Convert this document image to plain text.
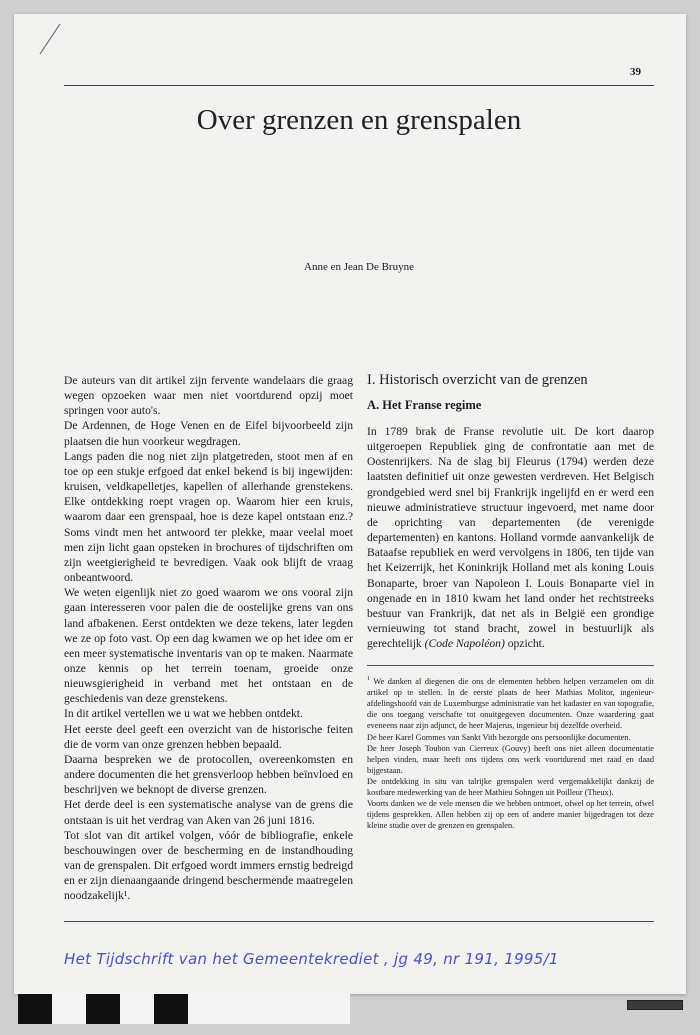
39
Over grenzen en grenspalen
Anne en Jean De Bruyne

De auteurs van dit artikel zijn fervente wandelaars die graag wegen opzoeken waar men niet voortdurend opzij moet springen voor auto's.

De Ardennen, de Hoge Venen en de Eifel bijvoorbeeld zijn plaatsen die hun voorkeur wegdragen.

Langs paden die nog niet zijn platgetreden, stoot men af en toe op een stukje erfgoed dat enkel bekend is bij ingewijden: kruisen, veldkapelletjes, kapellen of allerhande grenstekens. Elke ontdekking roept vragen op. Waarom hier een kruis, waarom daar een grenspaal, hoe is deze kapel ontstaan enz.? Soms vindt men het antwoord ter plekke, maar veelal moet men zijn licht gaan opsteken in brochures of tijdschriften om zijn weetgierigheid te bevredigen. Vaak ook blijft de vraag onbeantwoord.

We weten eigenlijk niet zo goed waarom we ons vooral zijn gaan interesseren voor palen die de oostelijke grens van ons land afbakenen. Eerst ontdekten we deze tekens, later legden we ze op foto vast. Op een dag kwamen we op het idee om er een meer systematische inventaris van op te maken. Naarmate onze kennis op het terrein toenam, groeide onze nieuwsgierigheid in verband met het ontstaan en de geschiedenis van deze grenstekens.

In dit artikel vertellen we u wat we hebben ontdekt.

Het eerste deel geeft een overzicht van de historische feiten die de vorm van onze grenzen hebben bepaald.

Daarna bespreken we de protocollen, overeenkomsten en andere documenten die het grensverloop hebben beïnvloed en beschrijven we beknopt de diverse grenzen.

Het derde deel is een systematische analyse van de grens die ontstaan is uit het verdrag van Aken van 26 juni 1816.

Tot slot van dit artikel volgen, vóór de bibliografie, enkele beschouwingen over de bescherming en de instandhouding van de grenspalen. Dit erfgoed wordt immers ernstig bedreigd en er zijn dienaangaande dringend beschermende maatregelen noodzakelijk¹.

I. Historisch overzicht van de grenzen
A. Het Franse regime

In 1789 brak de Franse revolutie uit. De kort daarop uitgeroepen Republiek ging de confrontatie aan met de Oostenrijkers. Na de slag bij Fleurus (1794) werden deze laatsten definitief uit onze gewesten verdreven. Het Belgisch grondgebied werd snel bij Frankrijk ingelijfd en er werd een nieuwe administratieve structuur ingevoerd, met name door de oprichting van departementen (de verenigde departementen) en kantons. Holland vormde aanvankelijk de Bataafse republiek en werd vervolgens in 1806, ten tijde van het Keizerrijk, het Koninkrijk Holland met als koning Louis Bonaparte, broer van Napoleon I. Louis Bonaparte viel in ongenade en in 1810 kwam het land onder het rechtstreeks bestuur van Frankrijk, dat net als in België een grondige vernieuwing tot stand bracht, zowel in bestuurlijk als gerechtelijk (Code Napoléon) opzicht.

$^1$ We danken al diegenen die ons de elementen hebben helpen verzamelen om dit artikel op te stellen. In de eerste plaats de heer Mathias Molitor, ingenieur-afdelingshoofd van de Luxemburgse administratie van het kadaster en van topografie, die ons toegang verschafte tot onuitgegeven documenten. Onze waardering gaat eveneens naar zijn adjunct, de heer Majerus, ingenieur bij dezelfde overheid.

De heer Karel Gommes van Sankt Vith bezorgde ons persoonlijke documenten.

De heer Joseph Toubon van Cierreux (Gouvy) heeft ons niet alleen documentatie helpen vinden, maar heeft ons tijdens ons werk voortdurend met raad en daad bijgestaan.

De ontdekking in situ van talrijke grenspalen werd vergemakkelijkt dankzij de kostbare medewerking van de heer Mathieu Sohngen uit Poilleur (Theux).

Voorts danken we de vele mensen die we hebben ontmoet, ofwel op het terrein, ofwel tijdens gesprekken. Allen hebben zij op een of andere manier bijgedragen tot deze kleine studie over de grenzen en grenspalen.

Het Tijdschrift van het Gemeentekrediet , jg 49, nr 191, 1995/1
